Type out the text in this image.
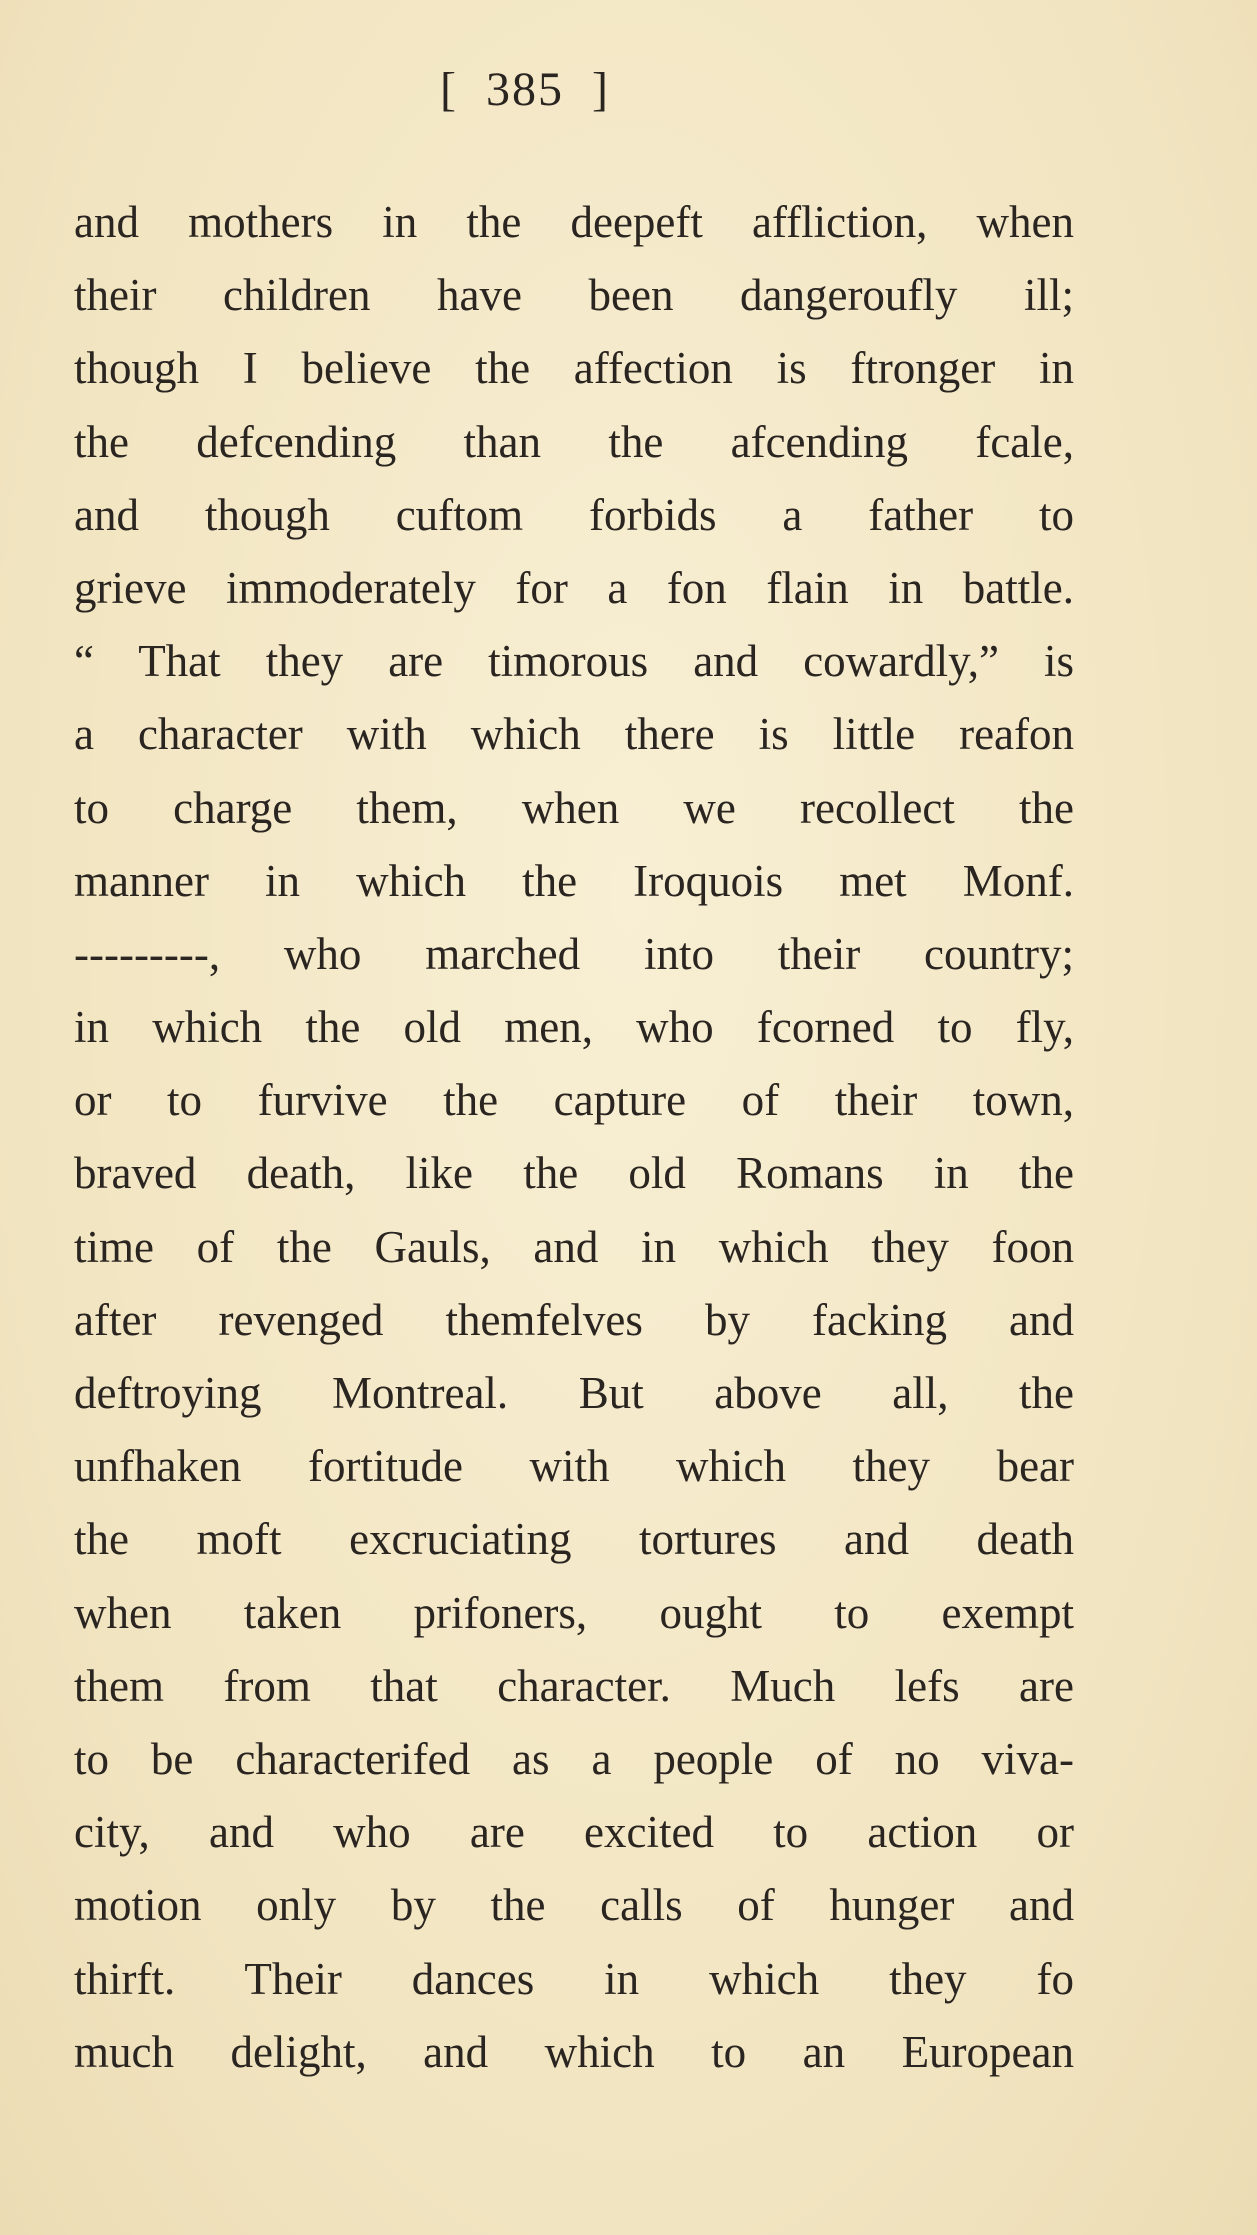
[  385  ]
and mothers in the deepeft affliction, when
their children have been dangeroufly ill;
though I believe the affection is ftronger in
the defcending than the afcending fcale,
and though cuftom forbids a father to
grieve immoderately for a fon flain in battle.
“ That they are timorous and cowardly,” is
a character with which there is little reafon
to charge them, when we recollect the
manner in which the Iroquois met Monf.
---------, who marched into their country;
in which the old men, who fcorned to fly,
or to furvive the capture of their town,
braved death, like the old Romans in the
time of the Gauls, and in which they foon
after revenged themfelves by facking and
deftroying Montreal. But above all, the
unfhaken fortitude with which they bear
the moft excruciating tortures and death
when taken prifoners, ought to exempt
them from that character. Much lefs are
to be characterifed as a people of no viva-
city, and who are excited to action or
motion only by the calls of hunger and
thirft. Their dances in which they fo
much delight, and which to an European
